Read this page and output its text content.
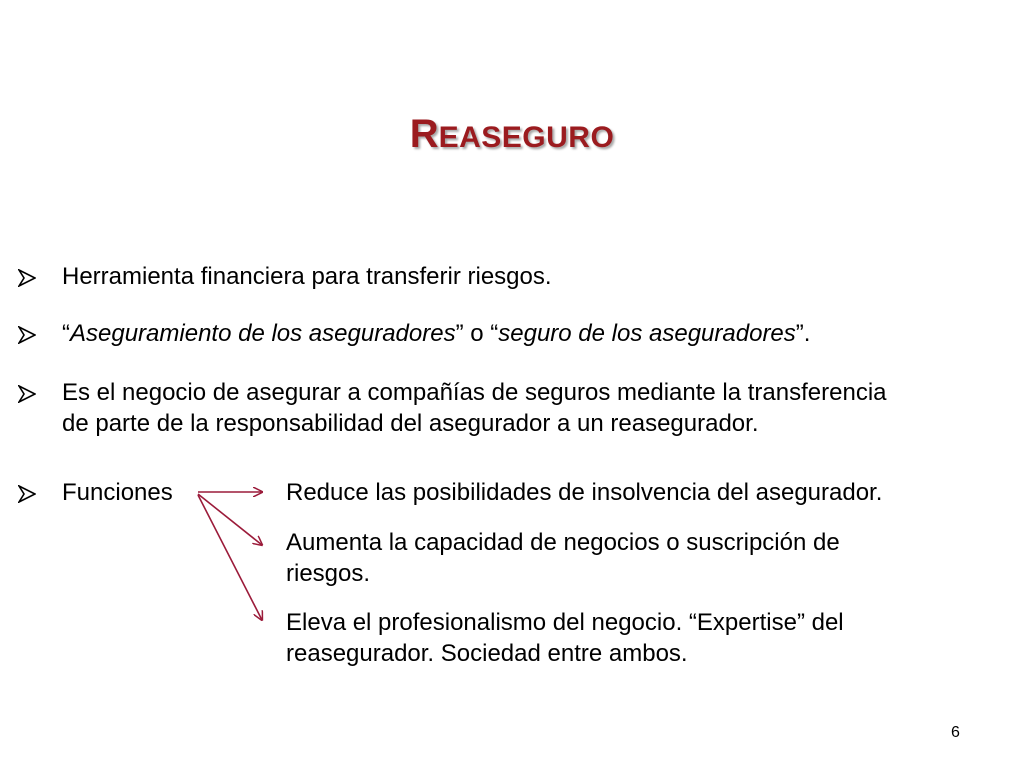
REASEGURO
Herramienta financiera para transferir riesgos.
“Aseguramiento de los aseguradores” o “seguro de los aseguradores”.
Es el negocio de asegurar a compañías de seguros mediante la transferencia
de parte de la responsabilidad del asegurador a un reasegurador.
Funciones	Reduce las posibilidades de insolvencia del asegurador.
Aumenta la capacidad de negocios o suscripción de
riesgos.
Eleva el profesionalismo del negocio. “Expertise” del
reasegurador. Sociedad entre ambos.
6
